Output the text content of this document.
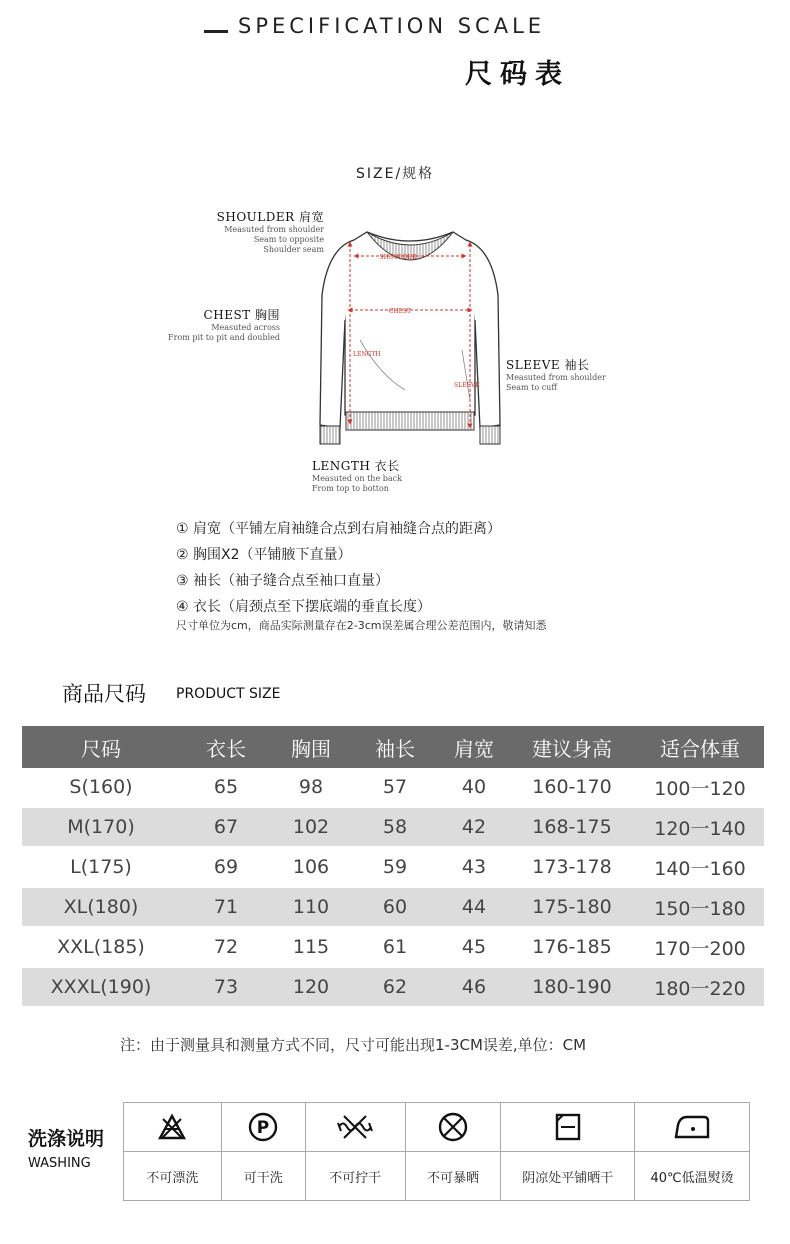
SPECIFICATION SCALE
尺码表
SIZE/规格
SHOULDER
CHEST
LENGTH
SLEEVE
SHOULDER 肩宽
Measuted from shoulder
Seam to opposite
Shoulder seam
CHEST 胸围
Measuted across
From pit to pit and doubled
SLEEVE 袖长
Measuted from shoulder
Seam to cuff
LENGTH 衣长
Measuted on the back
From top to botton
① 肩宽（平铺左肩袖缝合点到右肩袖缝合点的距离）
② 胸围X2（平铺腋下直量）
③ 袖长（袖子缝合点至袖口直量）
④ 衣长（肩颈点至下摆底端的垂直长度）
尺寸单位为cm，商品实际测量存在2-3cm误差属合理公差范围内，敬请知悉
商品尺码 PRODUCT SIZE
尺码	衣长	胸围	袖长	肩宽	建议身高	适合体重
S(160)	65	98	57	40	160-170	100一120
M(170)	67	102	58	42	168-175	120一140
L(175)	69	106	59	43	173-178	140一160
XL(180)	71	110	60	44	175-180	150一180
XXL(185)	72	115	61	45	176-185	170一200
XXXL(190)	73	120	62	46	180-190	180一220
注：由于测量具和测量方式不同，尺寸可能出现1-3CM误差,单位：CM
洗涤说明
WASHING

P

不可漂洗	可干洗	不可拧干	不可暴晒	阴凉处平铺晒干	40℃低温熨烫
